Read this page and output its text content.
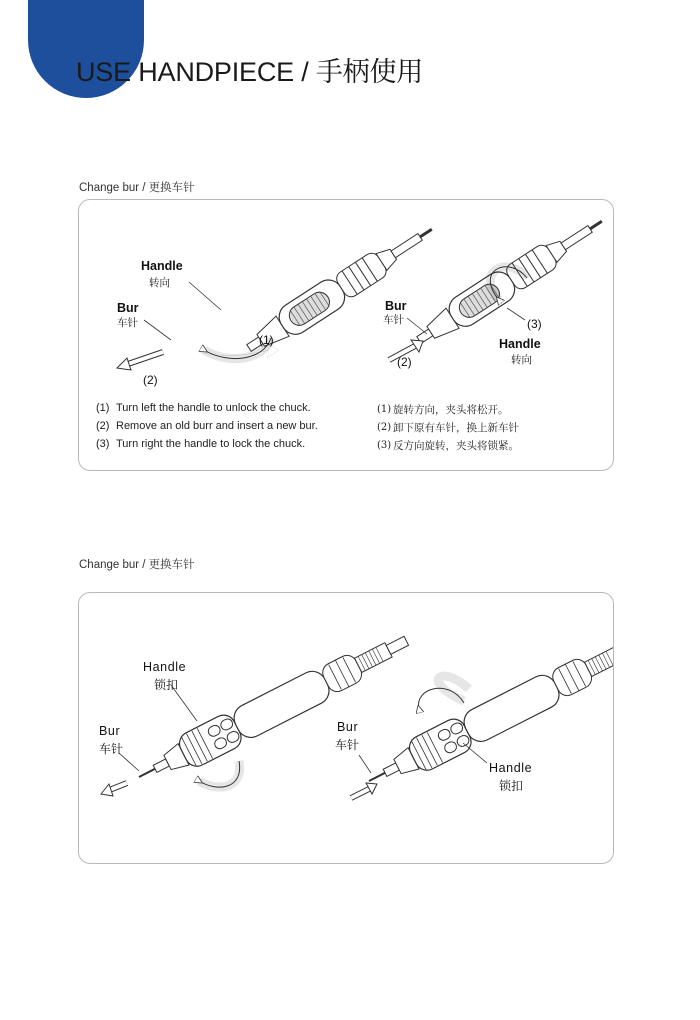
USE HANDPIECE / 手柄使用
Change bur / 更换车针
Handle
转向
Bur
车针
(1)
(2)
Bur
车针	(3)
Handle
转向
(2)
(1) Turn left the handle to unlock the chuck.
(2) Remove an old burr and insert a new bur.
(3) Turn right the handle to lock the chuck.
(1) 旋转方向，夹头将松开。
(2) 卸下原有车针，换上新车针
(3) 反方向旋转，夹头将锁紧。
Change bur / 更换车针
Handle
锁扣
Bur
车针
Bur
车针
Handle
锁扣
